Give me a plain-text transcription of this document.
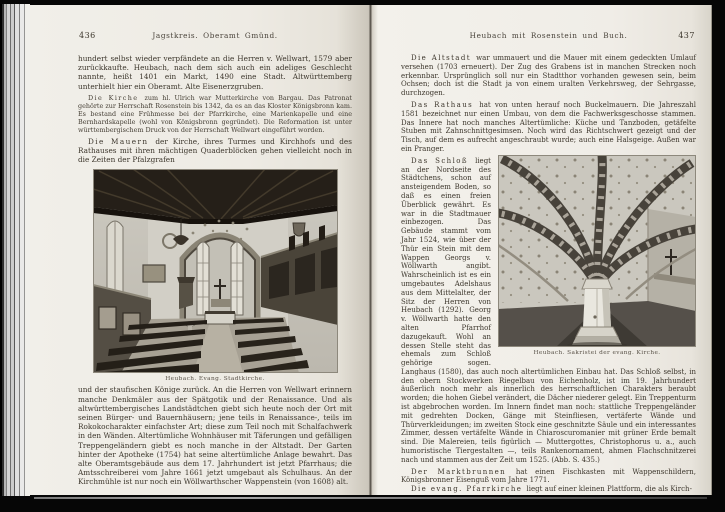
436	Jagstkreis. Oberamt Gmünd.

hundert selbst wieder verpfändete an die Herren v. Wellwart, 1579 aber zurückkaufte. Heubach, nach dem sich auch ein adeliges Geschlecht nannte, heißt 1401 ein Markt, 1490 eine Stadt. Altwürttemberg unterhielt hier ein Oberamt. Alte Eisenerzgruben.

Die Kirche zum hl. Ulrich war Mutterkirche von Bargau. Das Patronat gehörte zur Herrschaft Rosenstein bis 1342, da es an das Kloster Königsbronn kam. Es bestand eine Frühmesse bei der Pfarrkirche, eine Marienkapelle und eine Bernhardskapelle (wohl von Königsbronn gegründet). Die Reformation ist unter württembergischem Druck von der Herrschaft Wellwart eingeführt worden.

Die Mauern der Kirche, ihres Turmes und Kirchhofs und des Rathauses mit ihren mächtigen Quaderblöcken gehen vielleicht noch in die Zeiten der Pfalzgrafen

Heubach. Evang. Stadtkirche.

und der staufischen Könige zurück. An die Herren von Wellwart erinnern manche Denkmäler aus der Spätgotik und der Renaissance. Und als altwürttembergisches Landstädtchen giebt sich heute noch der Ort mit seinen Bürger- und Bauernhäusern; jene teils in Renaissance-, teils im Rokokocharakter einfachster Art; diese zum Teil noch mit Schalfachwerk in den Wänden. Altertümliche Wohnhäuser mit Täferungen und gefälligen Treppengeländern giebt es noch manche in der Altstadt. Der Garten hinter der Apotheke (1754) hat seine altertümliche Anlage bewahrt. Das alte Oberamtsgebäude aus dem 17. Jahrhundert ist jetzt Pfarrhaus; die Amtsschreiberei vom Jahre 1661 jetzt umgebaut als Schulhaus. An der Kirchmühle ist nur noch ein Wöllwarthscher Wappenstein (von 1608) alt.

437
Heubach mit Rosenstein und Buch.

Die Altstadt war ummauert und die Mauer mit einem gedeckten Umlauf versehen (1703 erneuert). Der Zug des Grabens ist in manchen Strecken noch erkennbar. Ursprünglich soll nur ein Stadtthor vorhanden gewesen sein, beim Ochsen; doch ist die Stadt ja von einem uralten Verkehrsweg, der Sehrgasse, durchzogen.

Das Rathaus hat von unten herauf noch Buckelmauern. Die Jahreszahl 1581 bezeichnet nur einen Umbau, von dem die Fachwerksgeschosse stammen. Das Innere hat noch manches Altertümliche: Küche und Tanzboden, getäfelte Stuben mit Zahnschnittgesimsen. Noch wird das Richtschwert gezeigt und der Tisch, auf dem es aufrecht angeschraubt wurde; auch eine Halsgeige. Außen war ein Pranger.

Heubach. Sakristei der evang. Kirche.

Das Schloß liegt an der Nordseite des Städtchens, schon auf ansteigendem Boden, so daß es einen freien Überblick gewährt. Es war in die Stadtmauer einbezogen. Das Gebäude stammt vom Jahr 1524, wie über der Thür ein Stein mit dem Wappen Georgs v. Wöllwarth angibt. Wahrscheinlich ist es ein umgebautes Adelshaus aus dem Mittelalter, der Sitz der Herren von Heubach (1292). Georg v. Wöllwarth hatte den alten Pfarrhof dazugekauft. Wohl an dessen Stelle steht das ehemals zum Schloß gehörige sogen. Langhaus (1580), das auch noch altertümlichen Einbau hat. Das Schloß selbst, in den obern Stockwerken Riegelbau von Eichenholz, ist im 19. Jahrhundert äußerlich noch mehr als innerlich des herrschaftlichen Charakters beraubt worden; die hohen Giebel verändert, die Dächer niederer gelegt. Ein Treppenturm ist abgebrochen worden. Im Innern findet man noch: stattliche Treppengeländer mit gedrehten Docken, Gänge mit Steinfliesen, vertäferte Wände und Thürverkleidungen; im zweiten Stock eine geschnitzte Säule und ein interessantes Zimmer, dessen vertäfelte Wände in Chiaroscuromanier mit grüner Erde bemalt sind. Die Malereien, teils figürlich — Muttergottes, Christophorus u. a., auch humoristische Tiergestalten —, teils Rankenornament, ahmen Flachschnitzerei nach und stammen aus der Zeit um 1525. (Abb. S. 435.)

Der Marktbrunnen hat einen Fischkasten mit Wappenschildern, Königsbronner Eisenguß vom Jahre 1771.

Die evang. Pfarrkirche liegt auf einer kleinen Plattform, die als Kirch-
